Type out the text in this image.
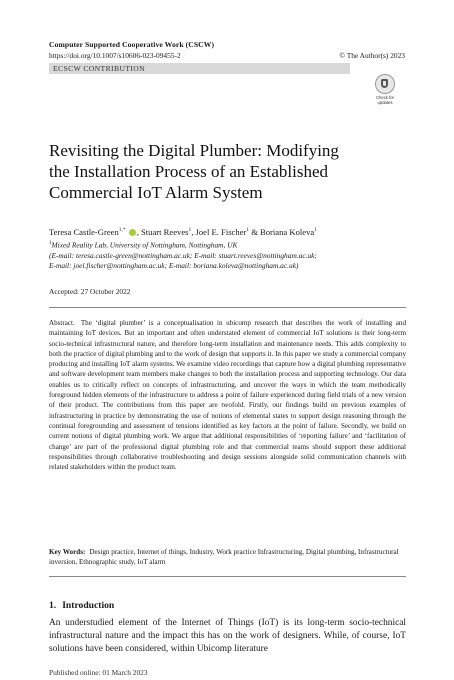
Computer Supported Cooperative Work (CSCW)
https://doi.org/10.1007/s10606-023-09455-2	© The Author(s) 2023
ECSCW CONTRIBUTION
Check for updates
Revisiting the Digital Plumber: Modifying
the Installation Process of an Established
Commercial IoT Alarm System
Teresa Castle-Green$^{1,*}$ , Stuart Reeves$^1$, Joel E. Fischer$^1$ & Boriana Koleva$^1$
$^1$Mixed Reality Lab, University of Nottingham, Nottingham, UK
(E-mail: teresa.castle-green@nottingham.ac.uk; E-mail: stuart.reeves@nottingham.ac.uk;
E-mail: joel.fischer@nottingham.ac.uk; E-mail: boriana.koleva@nottingham.ac.uk)
Accepted: 27 October 2022
Abstract. The ‘digital plumber’ is a conceptualisation in ubicomp research that describes the work of installing and maintaining IoT devices. But an important and often understated element of commercial IoT solutions is their long-term socio-technical infrastructural nature, and therefore long-term installation and maintenance needs. This adds complexity to both the practice of digital plumbing and to the work of design that supports it. In this paper we study a commercial company producing and installing IoT alarm systems. We examine video recordings that capture how a digital plumbing representative and software development team members make changes to both the installation process and supporting technology. Our data enables us to critically reflect on concepts of infrastructuring, and uncover the ways in which the team methodically foreground hidden elements of the infrastructure to address a point of failure experienced during field trials of a new version of their product. The contributions from this paper are twofold. Firstly, our findings build on previous examples of infrastructuring in practice by demonstrating the use of notions of elemental states to support design reasoning through the continual foregrounding and assessment of tensions identified as key factors at the point of failure. Secondly, we build on current notions of digital plumbing work. We argue that additional responsibilities of ‘reporting failure’ and ‘facilitation of change’ are part of the professional digital plumbing role and that commercial teams should support these additional responsibilities through collaborative troubleshooting and design sessions alongside solid communication channels with related stakeholders within the product team.
Key Words: Design practice, Internet of things, Industry, Work practice Infrastructuring, Digital plumbing, Infrastructural inversion, Ethnographic study, IoT alarm
1. Introduction
An understudied element of the Internet of Things (IoT) is its long-term socio-technical infrastructural nature and the impact this has on the work of designers. While, of course, IoT solutions have been considered, within Ubicomp literature
Published online: 01 March 2023
